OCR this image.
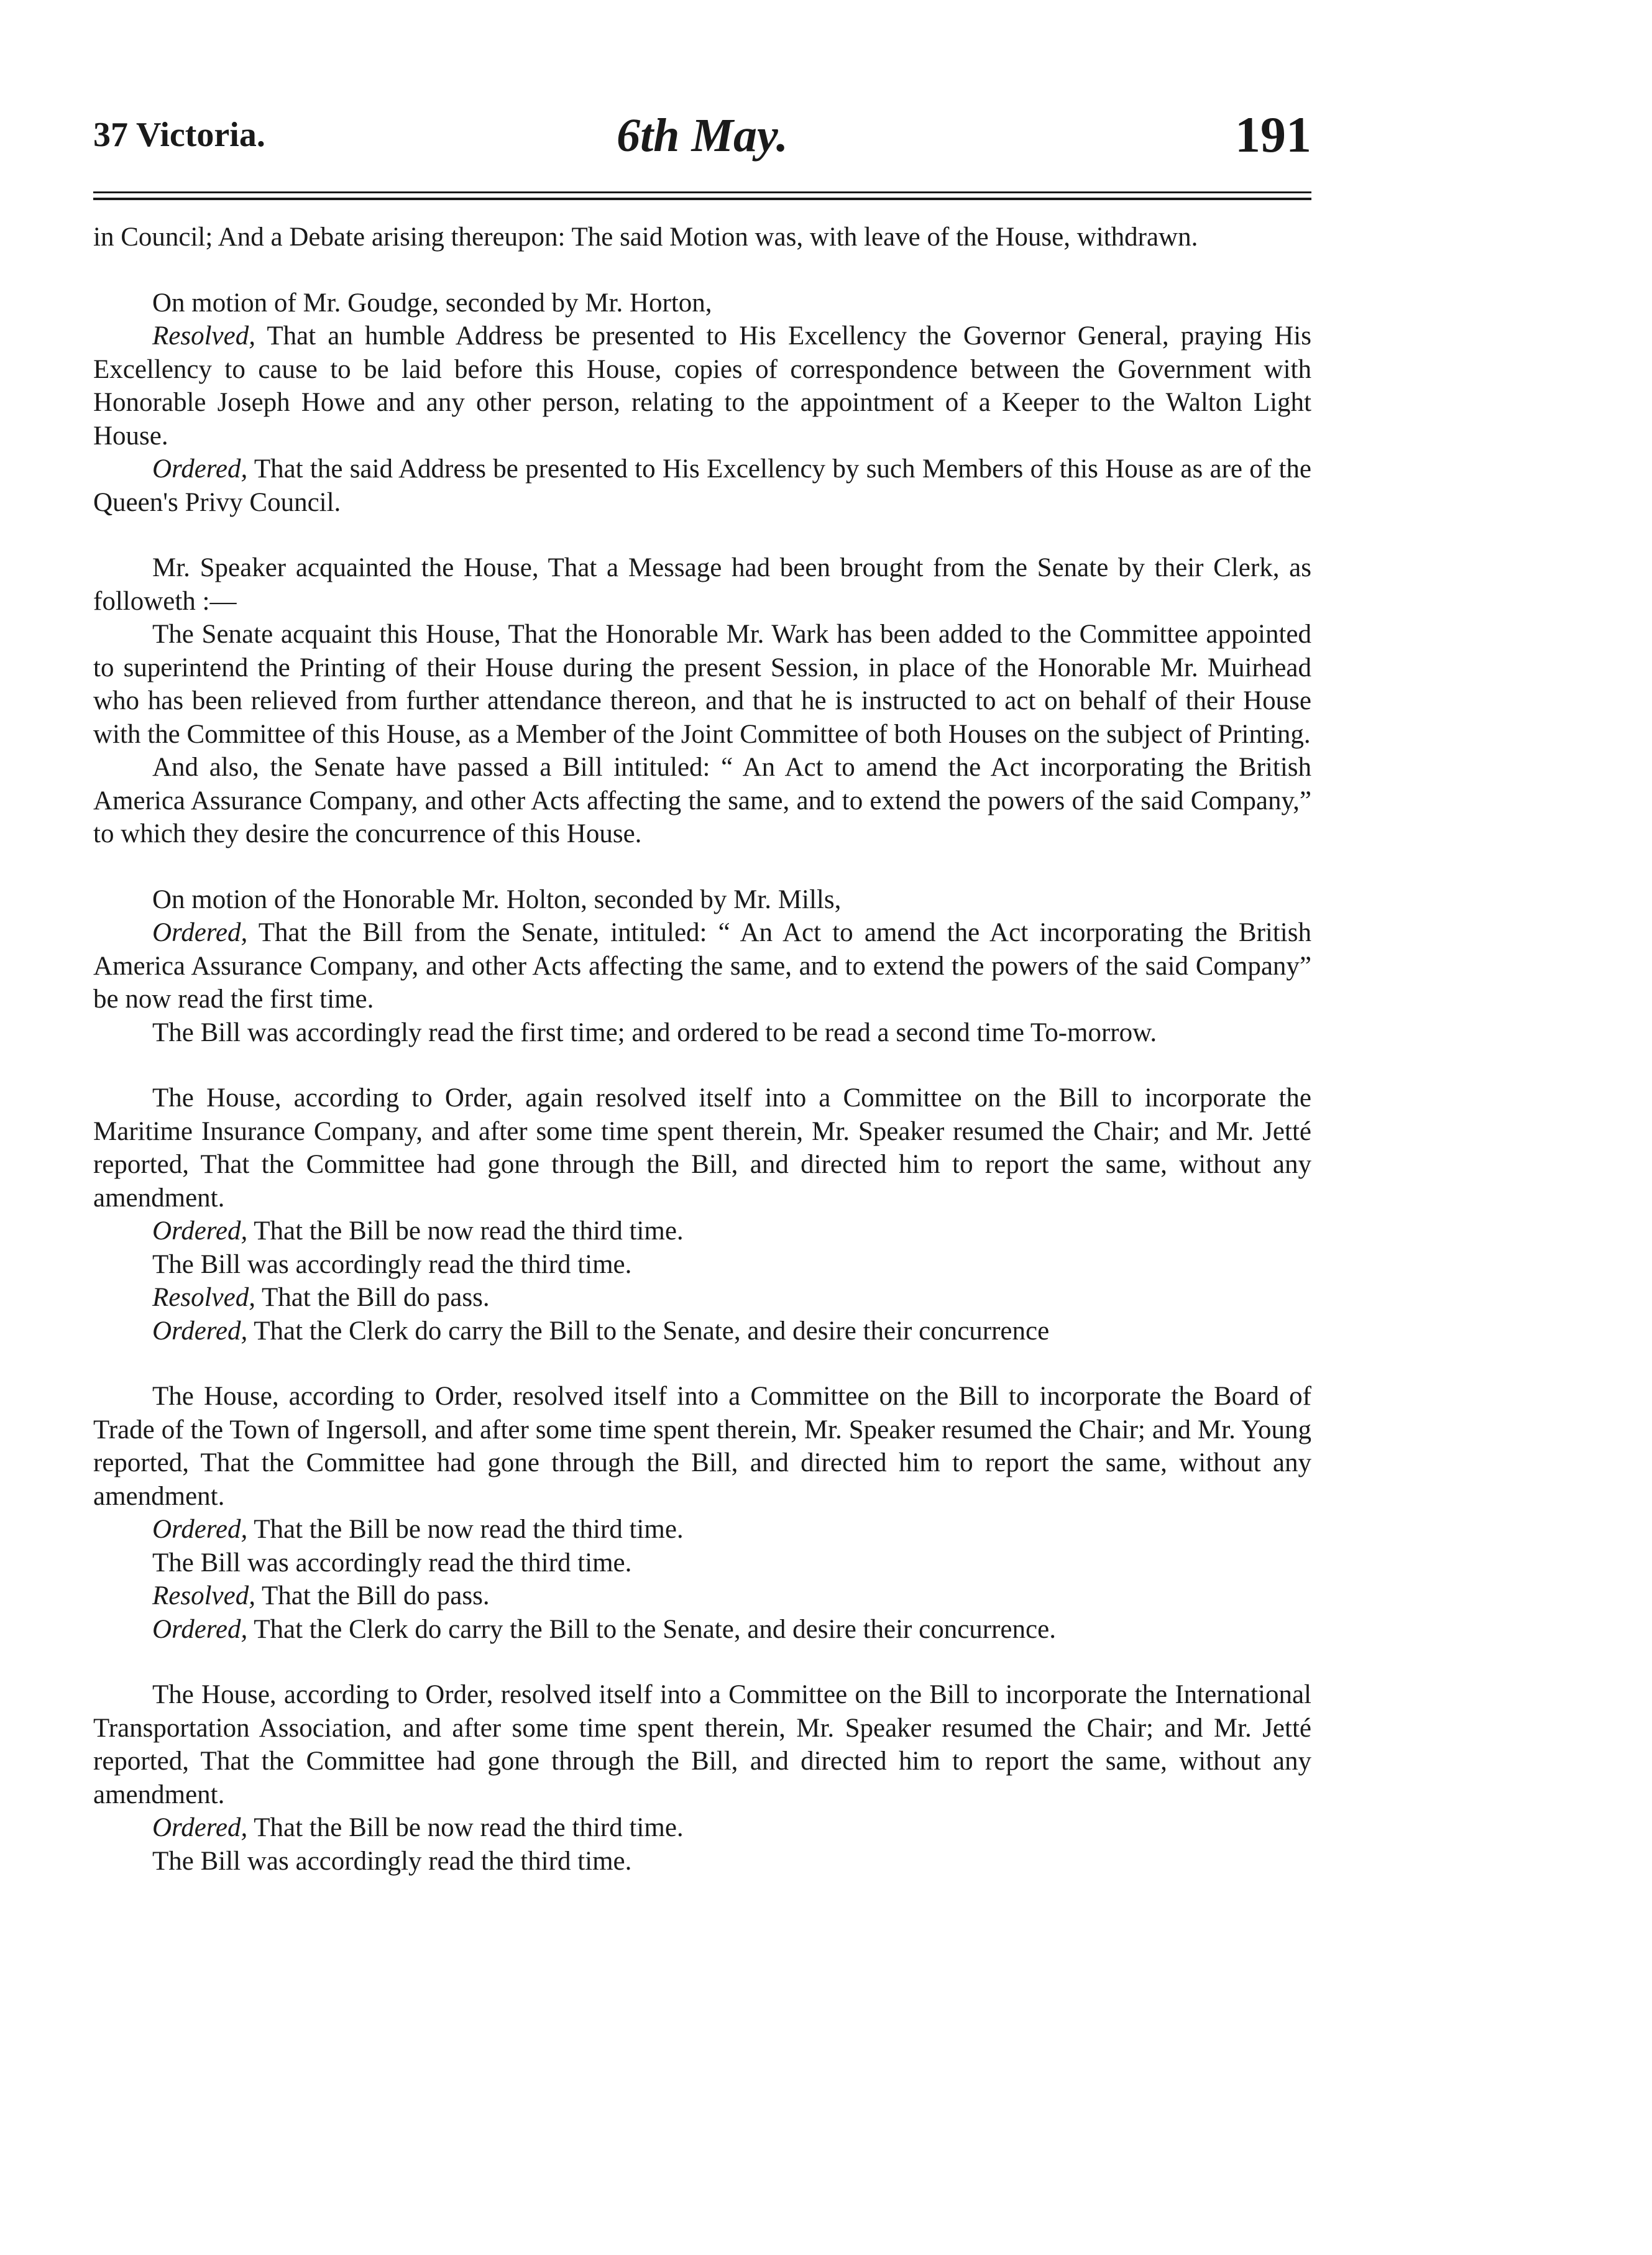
37 Victoria.	6th May.	191

in Council; And a Debate arising thereupon: The said Motion was, with leave of the House, withdrawn.

On motion of Mr. Goudge, seconded by Mr. Horton,

Resolved, That an humble Address be presented to His Excellency the Governor General, praying His Excellency to cause to be laid before this House, copies of correspondence between the Government with Honorable Joseph Howe and any other person, relating to the appointment of a Keeper to the Walton Light House.

Ordered, That the said Address be presented to His Excellency by such Members of this House as are of the Queen's Privy Council.

Mr. Speaker acquainted the House, That a Message had been brought from the Senate by their Clerk, as followeth :—

The Senate acquaint this House, That the Honorable Mr. Wark has been added to the Committee appointed to superintend the Printing of their House during the present Session, in place of the Honorable Mr. Muirhead who has been relieved from further attendance thereon, and that he is instructed to act on behalf of their House with the Committee of this House, as a Member of the Joint Committee of both Houses on the subject of Printing.

And also, the Senate have passed a Bill intituled: “ An Act to amend the Act incorporating the British America Assurance Company, and other Acts affecting the same, and to extend the powers of the said Company,” to which they desire the concurrence of this House.

On motion of the Honorable Mr. Holton, seconded by Mr. Mills,

Ordered, That the Bill from the Senate, intituled: “ An Act to amend the Act incorporating the British America Assurance Company, and other Acts affecting the same, and to extend the powers of the said Company” be now read the first time.

The Bill was accordingly read the first time; and ordered to be read a second time To-morrow.

The House, according to Order, again resolved itself into a Committee on the Bill to incorporate the Maritime Insurance Company, and after some time spent therein, Mr. Speaker resumed the Chair; and Mr. Jetté reported, That the Committee had gone through the Bill, and directed him to report the same, without any amendment.

Ordered, That the Bill be now read the third time.

The Bill was accordingly read the third time.

Resolved, That the Bill do pass.

Ordered, That the Clerk do carry the Bill to the Senate, and desire their concurrence

The House, according to Order, resolved itself into a Committee on the Bill to incorporate the Board of Trade of the Town of Ingersoll, and after some time spent therein, Mr. Speaker resumed the Chair; and Mr. Young reported, That the Committee had gone through the Bill, and directed him to report the same, without any amendment.

Ordered, That the Bill be now read the third time.

The Bill was accordingly read the third time.

Resolved, That the Bill do pass.

Ordered, That the Clerk do carry the Bill to the Senate, and desire their concurrence.

The House, according to Order, resolved itself into a Committee on the Bill to incorporate the International Transportation Association, and after some time spent therein, Mr. Speaker resumed the Chair; and Mr. Jetté reported, That the Committee had gone through the Bill, and directed him to report the same, without any amendment.

Ordered, That the Bill be now read the third time.

The Bill was accordingly read the third time.
